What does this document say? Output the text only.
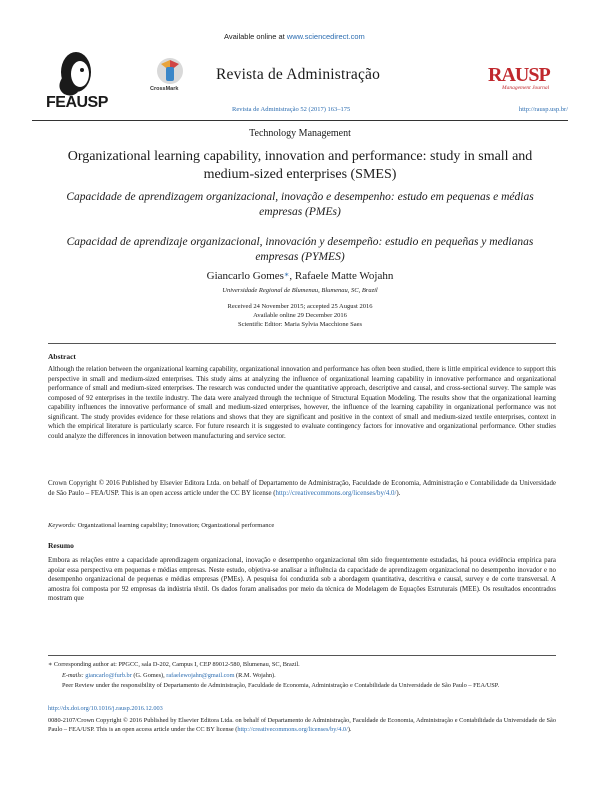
FEAUSP
CrossMark
Available online at www.sciencedirect.com
Revista de Administração	RAUSP
Management Journal
Revista de Administração 52 (2017) 163–175	http://rausp.usp.br/
Technology Management
Organizational learning capability, innovation and performance: study in small and medium-sized enterprises (SMES)
Capacidade de aprendizagem organizacional, inovação e desempenho: estudo em pequenas e médias empresas (PMEs)
Capacidad de aprendizaje organizacional, innovación y desempeño: estudio en pequeñas y medianas empresas (PYMES)
Giancarlo Gomes∗, Rafaele Matte Wojahn
Universidade Regional de Blumenau, Blumenau, SC, Brazil
Received 24 November 2015; accepted 25 August 2016
Available online 29 December 2016
Scientific Editor: Maria Sylvia Macchione Saes
Abstract
Although the relation between the organizational learning capability, organizational innovation and performance has often been studied, there is little empirical evidence to support this perspective in small and medium-sized enterprises. This study aims at analyzing the influence of organizational learning capability in innovative performance and organizational performance of small and medium-sized enterprises. The research was conducted under the quantitative approach, descriptive and causal, and cross-sectional survey. The sample was composed of 92 enterprises in the textile industry. The data were analyzed through the technique of Structural Equation Modeling. The results show that the organizational learning capability influences the innovative performance of small and medium-sized enterprises, however, the influence of the learning capability in organizational performance was not significant. The study provides evidence for these relations and shows that they are significant and positive in the context of small and medium-sized textile enterprises, context in which the empirical literature is particularly scarce. For future research it is suggested to evaluate contingency factors for innovative and organizational performance. Other studies could analyze the differences in innovation between manufacturing and service sector.
Crown Copyright © 2016 Published by Elsevier Editora Ltda. on behalf of Departamento de Administração, Faculdade de Economia, Administração e Contabilidade da Universidade de São Paulo – FEA/USP. This is an open access article under the CC BY license (http://creativecommons.org/licenses/by/4.0/).
Keywords: Organizational learning capability; Innovation; Organizational performance
Resumo
Embora as relações entre a capacidade aprendizagem organizacional, inovação e desempenho organizacional têm sido frequentemente estudadas, há pouca evidência empírica para apoiar essa perspectiva em pequenas e médias empresas. Neste estudo, objetiva-se analisar a influência da capacidade de aprendizagem organizacional no desempenho inovador e no desempenho organizacional de pequenas e médias empresas (PMEs). A pesquisa foi conduzida sob a abordagem quantitativa, descritiva e causal, survey e de corte transversal. A amostra foi composta por 92 empresas da indústria têxtil. Os dados foram analisados por meio da técnica de Modelagem de Equações Estruturais (MEE). Os resultados encontrados mostram que
∗ Corresponding author at: PPGCC, sala D-202, Campus I, CEP 89012-580, Blumenau, SC, Brazil.
E-mails: giancarlo@furb.br (G. Gomes), rafaelewojahn@gmail.com (R.M. Wojahn).
Peer Review under the responsibility of Departamento de Administração, Faculdade de Economia, Administração e Contabilidade da Universidade de São Paulo – FEA/USP.
http://dx.doi.org/10.1016/j.rausp.2016.12.003
0080-2107/Crown Copyright © 2016 Published by Elsevier Editora Ltda. on behalf of Departamento de Administração, Faculdade de Economia, Administração e Contabilidade da Universidade de São Paulo – FEA/USP. This is an open access article under the CC BY license (http://creativecommons.org/licenses/by/4.0/).
